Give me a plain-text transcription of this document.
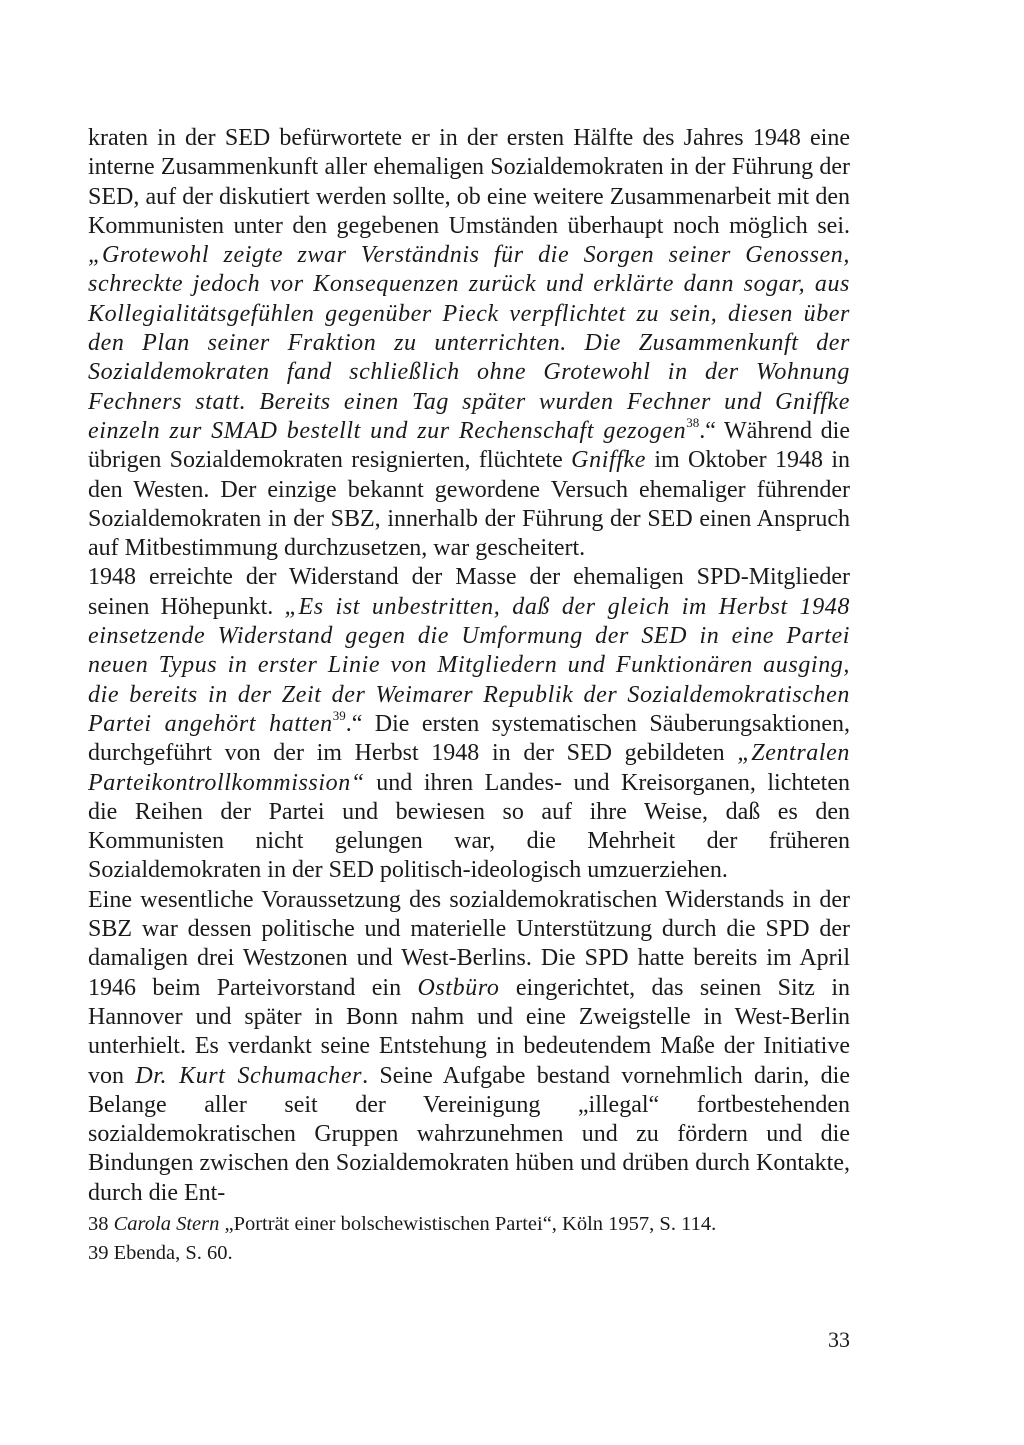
kraten in der SED befürwortete er in der ersten Hälfte des Jahres 1948 eine interne Zusammenkunft aller ehemaligen Sozialdemokraten in der Führung der SED, auf der diskutiert werden sollte, ob eine weitere Zusammenarbeit mit den Kommunisten unter den gegebenen Umständen überhaupt noch möglich sei. „Grotewohl zeigte zwar Verständnis für die Sorgen seiner Genossen, schreckte jedoch vor Konsequenzen zurück und erklärte dann sogar, aus Kollegialitätsgefühlen gegenüber Pieck verpflichtet zu sein, diesen über den Plan seiner Fraktion zu unterrichten. Die Zusammenkunft der Sozialdemokraten fand schließlich ohne Grotewohl in der Wohnung Fechners statt. Bereits einen Tag später wurden Fechner und Gniffke einzeln zur SMAD bestellt und zur Rechenschaft gezogen$^{38}$.“ Während die übrigen Sozialdemokraten resignierten, flüchtete Gniffke im Oktober 1948 in den Westen. Der einzige bekannt gewordene Versuch ehemaliger führender Sozialdemokraten in der SBZ, innerhalb der Führung der SED einen Anspruch auf Mitbestimmung durchzusetzen, war gescheitert.

1948 erreichte der Widerstand der Masse der ehemaligen SPD-Mitglieder seinen Höhepunkt. „Es ist unbestritten, daß der gleich im Herbst 1948 einsetzende Widerstand gegen die Umformung der SED in eine Partei neuen Typus in erster Linie von Mitgliedern und Funktionären ausging, die bereits in der Zeit der Weimarer Republik der Sozialdemokratischen Partei angehört hatten$^{39}$.“ Die ersten systematischen Säuberungsaktionen, durchgeführt von der im Herbst 1948 in der SED gebildeten „Zentralen Parteikontrollkommission“ und ihren Landes- und Kreisorganen, lichteten die Reihen der Partei und bewiesen so auf ihre Weise, daß es den Kommunisten nicht gelungen war, die Mehrheit der früheren Sozialdemokraten in der SED politisch-ideologisch umzuerziehen.

Eine wesentliche Voraussetzung des sozialdemokratischen Widerstands in der SBZ war dessen politische und materielle Unterstützung durch die SPD der damaligen drei Westzonen und West-Berlins. Die SPD hatte bereits im April 1946 beim Parteivorstand ein Ostbüro eingerichtet, das seinen Sitz in Hannover und später in Bonn nahm und eine Zweigstelle in West-Berlin unterhielt. Es verdankt seine Entstehung in bedeutendem Maße der Initiative von Dr. Kurt Schumacher. Seine Aufgabe bestand vornehmlich darin, die Belange aller seit der Vereinigung „illegal“ fortbestehenden sozialdemokratischen Gruppen wahrzunehmen und zu fördern und die Bindungen zwischen den Sozialdemokraten hüben und drüben durch Kontakte, durch die Ent-

38 Carola Stern „Porträt einer bolschewistischen Partei“, Köln 1957, S. 114.

39 Ebenda, S. 60.

33
